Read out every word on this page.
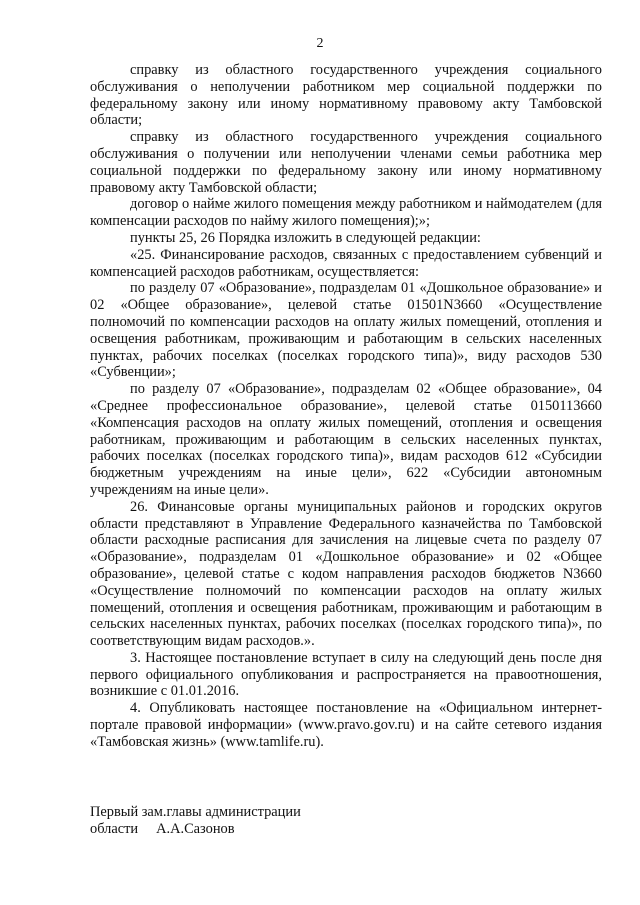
2

справку из областного государственного учреждения социального обслуживания о неполучении работником мер социальной поддержки по федеральному закону или иному нормативному правовому акту Тамбовской области;

справку из областного государственного учреждения социального обслуживания о получении или неполучении членами семьи работника мер социальной поддержки по федеральному закону или иному нормативному правовому акту Тамбовской области;

договор о найме жилого помещения между работником и наймодателем (для компенсации расходов по найму жилого помещения);»;

пункты 25, 26 Порядка изложить в следующей редакции:

«25. Финансирование расходов, связанных с предоставлением субвенций и компенсацией расходов работникам, осуществляется:

по разделу 07 «Образование», подразделам 01 «Дошкольное образование» и 02 «Общее образование», целевой статье 01501N3660 «Осуществление полномочий по компенсации расходов на оплату жилых помещений, отопления и освещения работникам, проживающим и работающим в сельских населенных пунктах, рабочих поселках (поселках городского типа)», виду расходов 530 «Субвенции»;

по разделу 07 «Образование», подразделам 02 «Общее образование», 04 «Среднее профессиональное образование», целевой статье 0150113660 «Компенсация расходов на оплату жилых помещений, отопления и освещения работникам, проживающим и работающим в сельских населенных пунктах, рабочих поселках (поселках городского типа)», видам расходов 612 «Субсидии бюджетным учреждениям на иные цели», 622 «Субсидии автономным учреждениям на иные цели».

26. Финансовые органы муниципальных районов и городских округов области представляют в Управление Федерального казначейства по Тамбовской области расходные расписания для зачисления на лицевые счета по разделу 07 «Образование», подразделам 01 «Дошкольное образование» и 02 «Общее образование», целевой статье с кодом направления расходов бюджетов N3660 «Осуществление полномочий по компенсации расходов на оплату жилых помещений, отопления и освещения работникам, проживающим и работающим в сельских населенных пунктах, рабочих поселках (поселках городского типа)», по соответствующим видам расходов.».

3. Настоящее постановление вступает в силу на следующий день после дня первого официального опубликования и распространяется на правоотношения, возникшие с 01.01.2016.

4. Опубликовать настоящее постановление на «Официальном интернет-портале правовой информации» (www.pravo.gov.ru) и на сайте сетевого издания «Тамбовская жизнь» (www.tamlife.ru).

Первый зам.главы администрации
области     А.А.Сазонов
